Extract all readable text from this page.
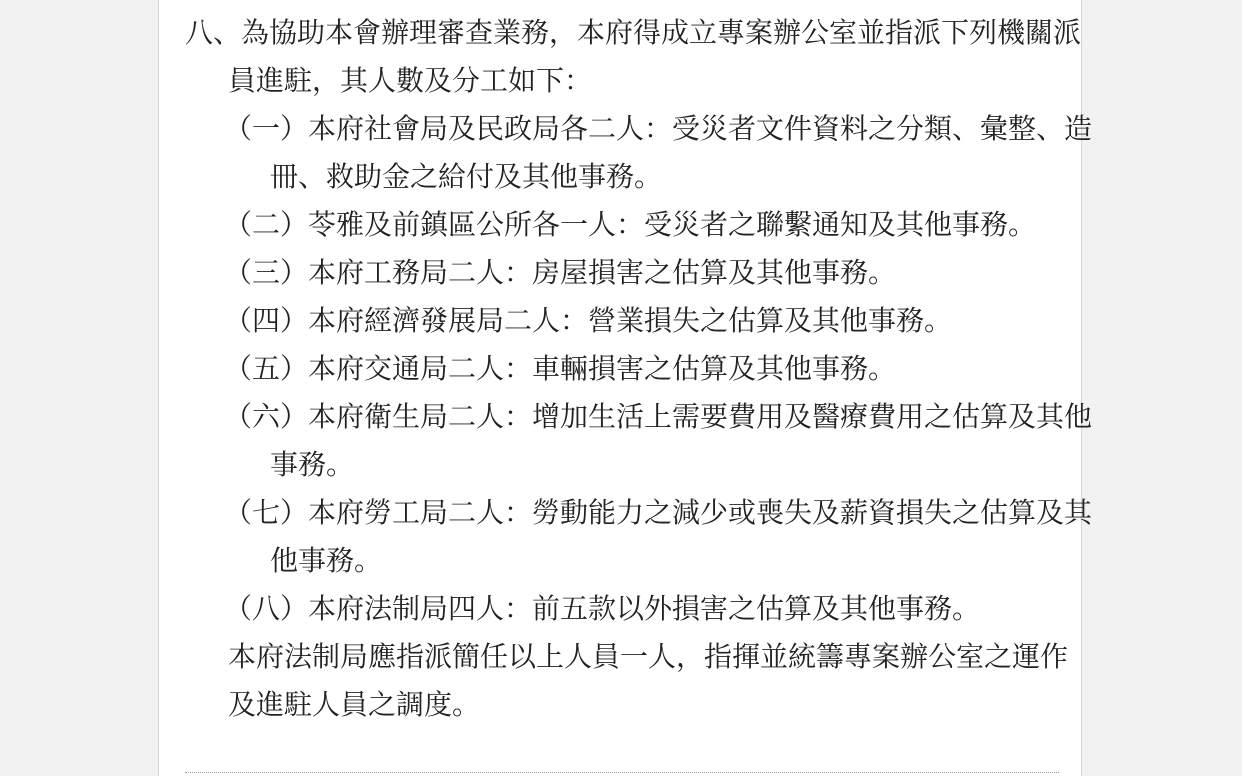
八、為協助本會辦理審查業務，本府得成立專案辦公室並指派下列機關派
員進駐，其人數及分工如下：
（一）本府社會局及民政局各二人：受災者文件資料之分類、彙整、造
冊、救助金之給付及其他事務。
（二）苓雅及前鎮區公所各一人：受災者之聯繫通知及其他事務。
（三）本府工務局二人：房屋損害之估算及其他事務。
（四）本府經濟發展局二人：營業損失之估算及其他事務。
（五）本府交通局二人：車輛損害之估算及其他事務。
（六）本府衛生局二人：增加生活上需要費用及醫療費用之估算及其他
事務。
（七）本府勞工局二人：勞動能力之減少或喪失及薪資損失之估算及其
他事務。
（八）本府法制局四人：前五款以外損害之估算及其他事務。
本府法制局應指派簡任以上人員一人，指揮並統籌專案辦公室之運作
及進駐人員之調度。
